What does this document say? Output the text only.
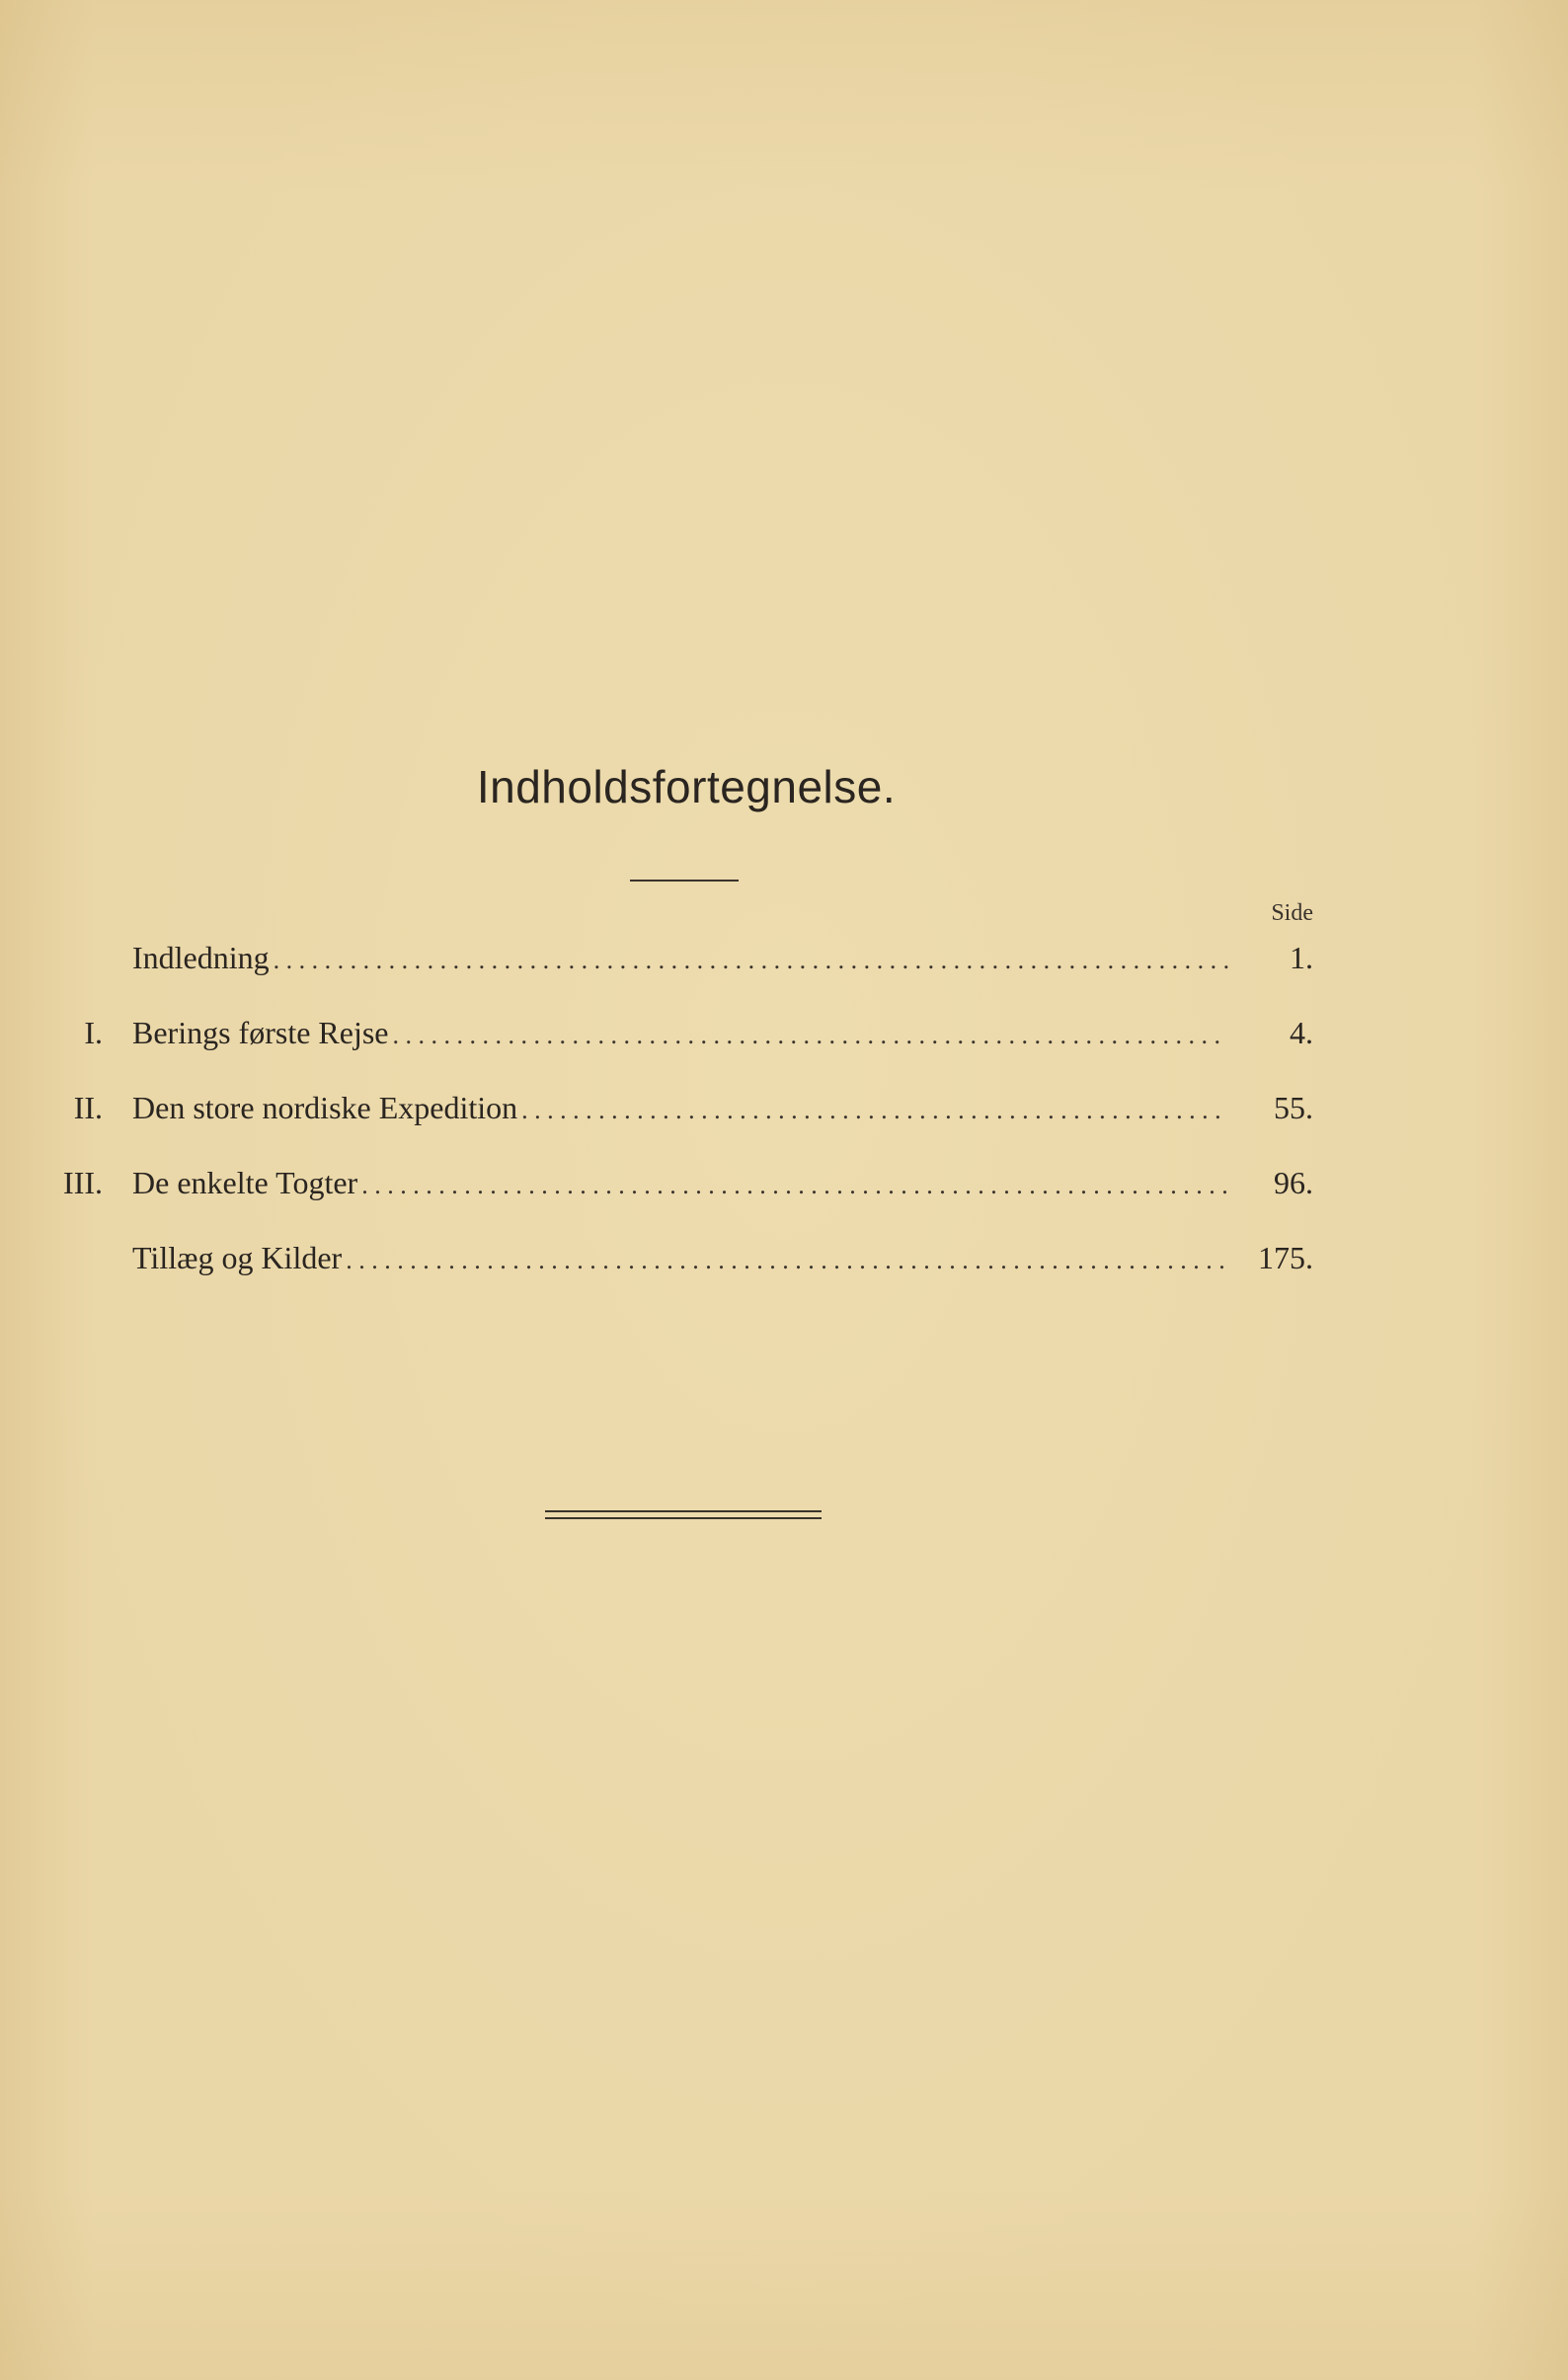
Indholdsfortegnelse.
Side
Indledning . . .	1.
I. Berings første Rejse . . .	4.
II. Den store nordiske Expedition . . .	55.
III. De enkelte Togter . . .	96.
Tillæg og Kilder . . .	175.
